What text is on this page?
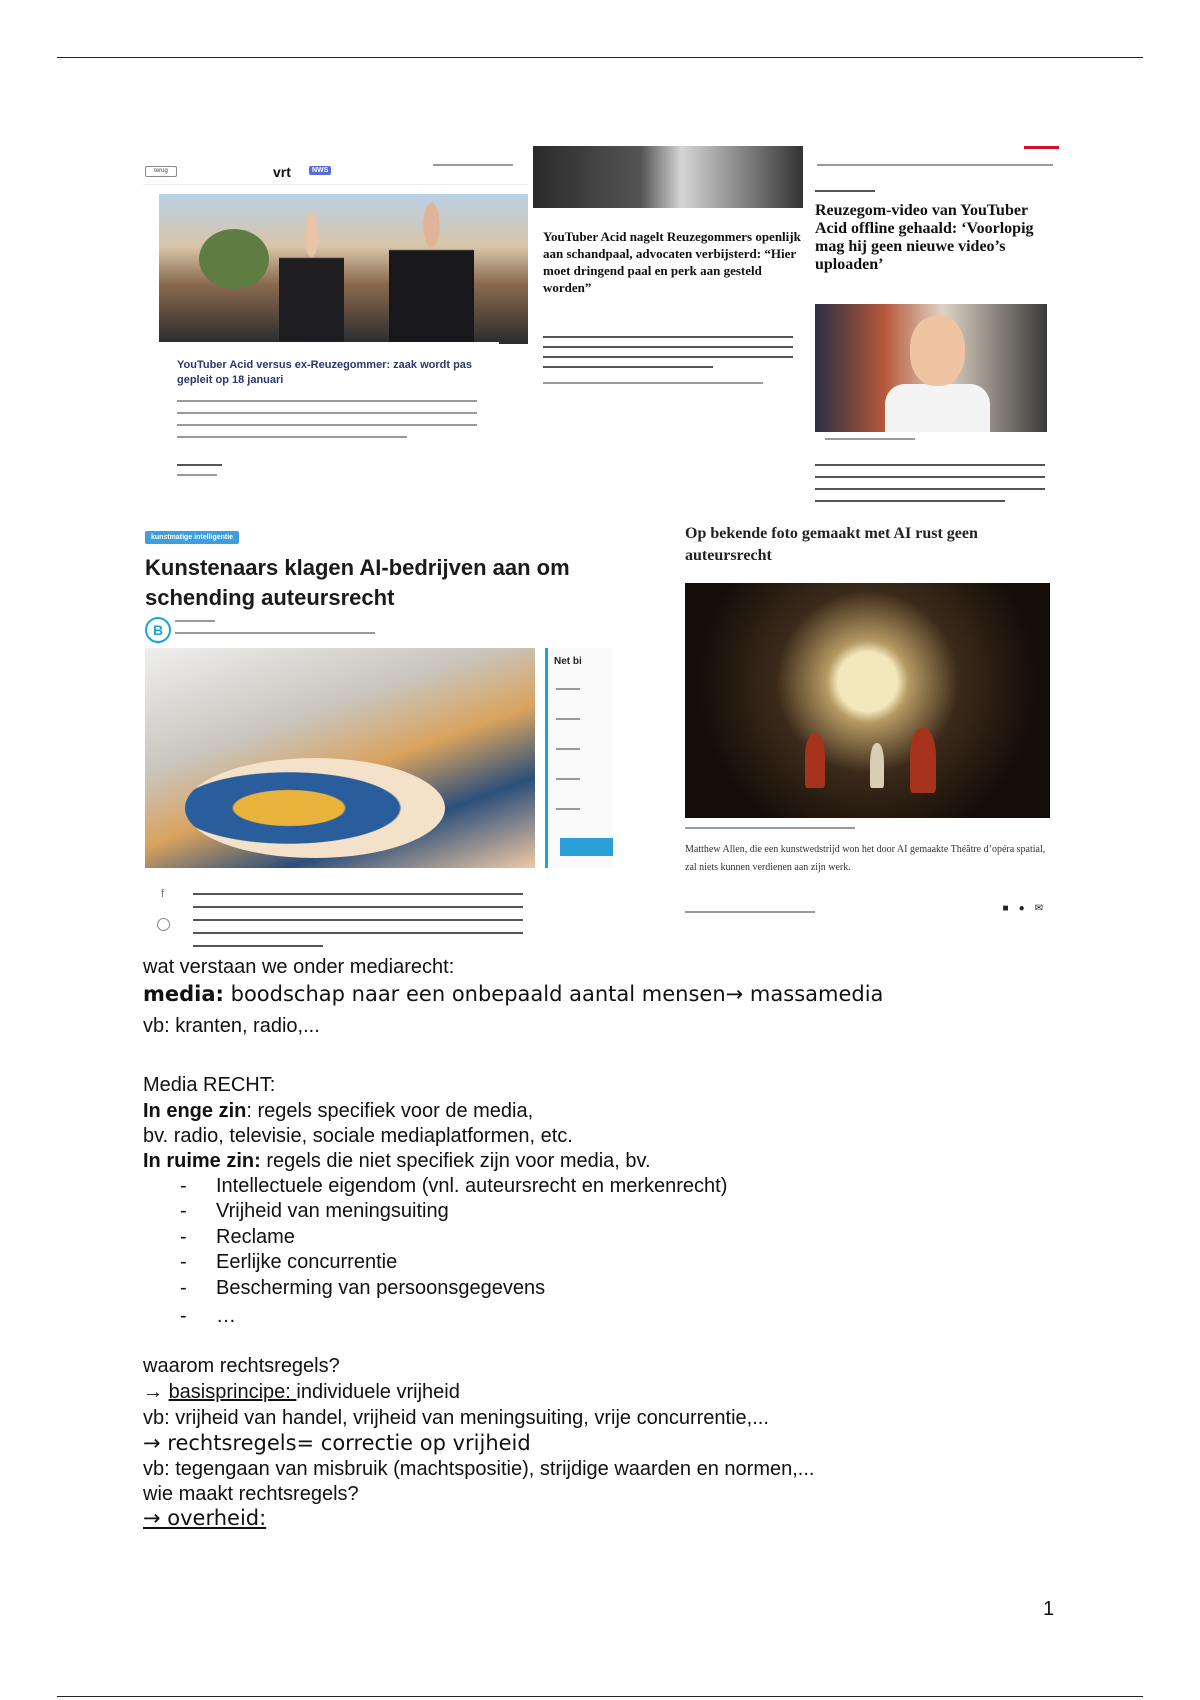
terug	vrt	NWS
YouTuber Acid versus ex-Reuzegommer: zaak wordt pas gepleit op 18 januari
YouTuber Acid nagelt Reuzegommers openlijk aan schandpaal, advocaten verbijsterd: “Hier moet dringend paal en perk aan gesteld worden”
Reuzegom-video van YouTuber Acid offline gehaald: ‘Voorlopig mag hij geen nieuwe video’s uploaden’
kunstmatige intelligentie
Kunstenaars klagen AI-bedrijven aan om schending auteursrecht
B
Net bi
f
Op bekende foto gemaakt met AI rust geen auteursrecht
Matthew Allen, die een kunstwedstrijd won het door AI gemaakte Théâtre d’opéra spatial, zal niets kunnen verdienen aan zijn werk.
■●✉
wat verstaan we onder mediarecht:
media: boodschap naar een onbepaald aantal mensen→ massamedia
vb: kranten, radio,...
Media RECHT:
In enge zin: regels specifiek voor de media,
bv. radio, televisie, sociale mediaplatformen, etc.
In ruime zin: regels die niet specifiek zijn voor media, bv.
- Intellectuele eigendom (vnl. auteursrecht en merkenrecht)
- Vrijheid van meningsuiting
- Reclame
- Eerlijke concurrentie
- Bescherming van persoonsgegevens
- …
waarom rechtsregels?
→ basisprincipe: individuele vrijheid
vb: vrijheid van handel, vrijheid van meningsuiting, vrije concurrentie,...
→ rechtsregels= correctie op vrijheid
vb: tegengaan van misbruik (machtspositie), strijdige waarden en normen,...
wie maakt rechtsregels?
→ overheid:
1
